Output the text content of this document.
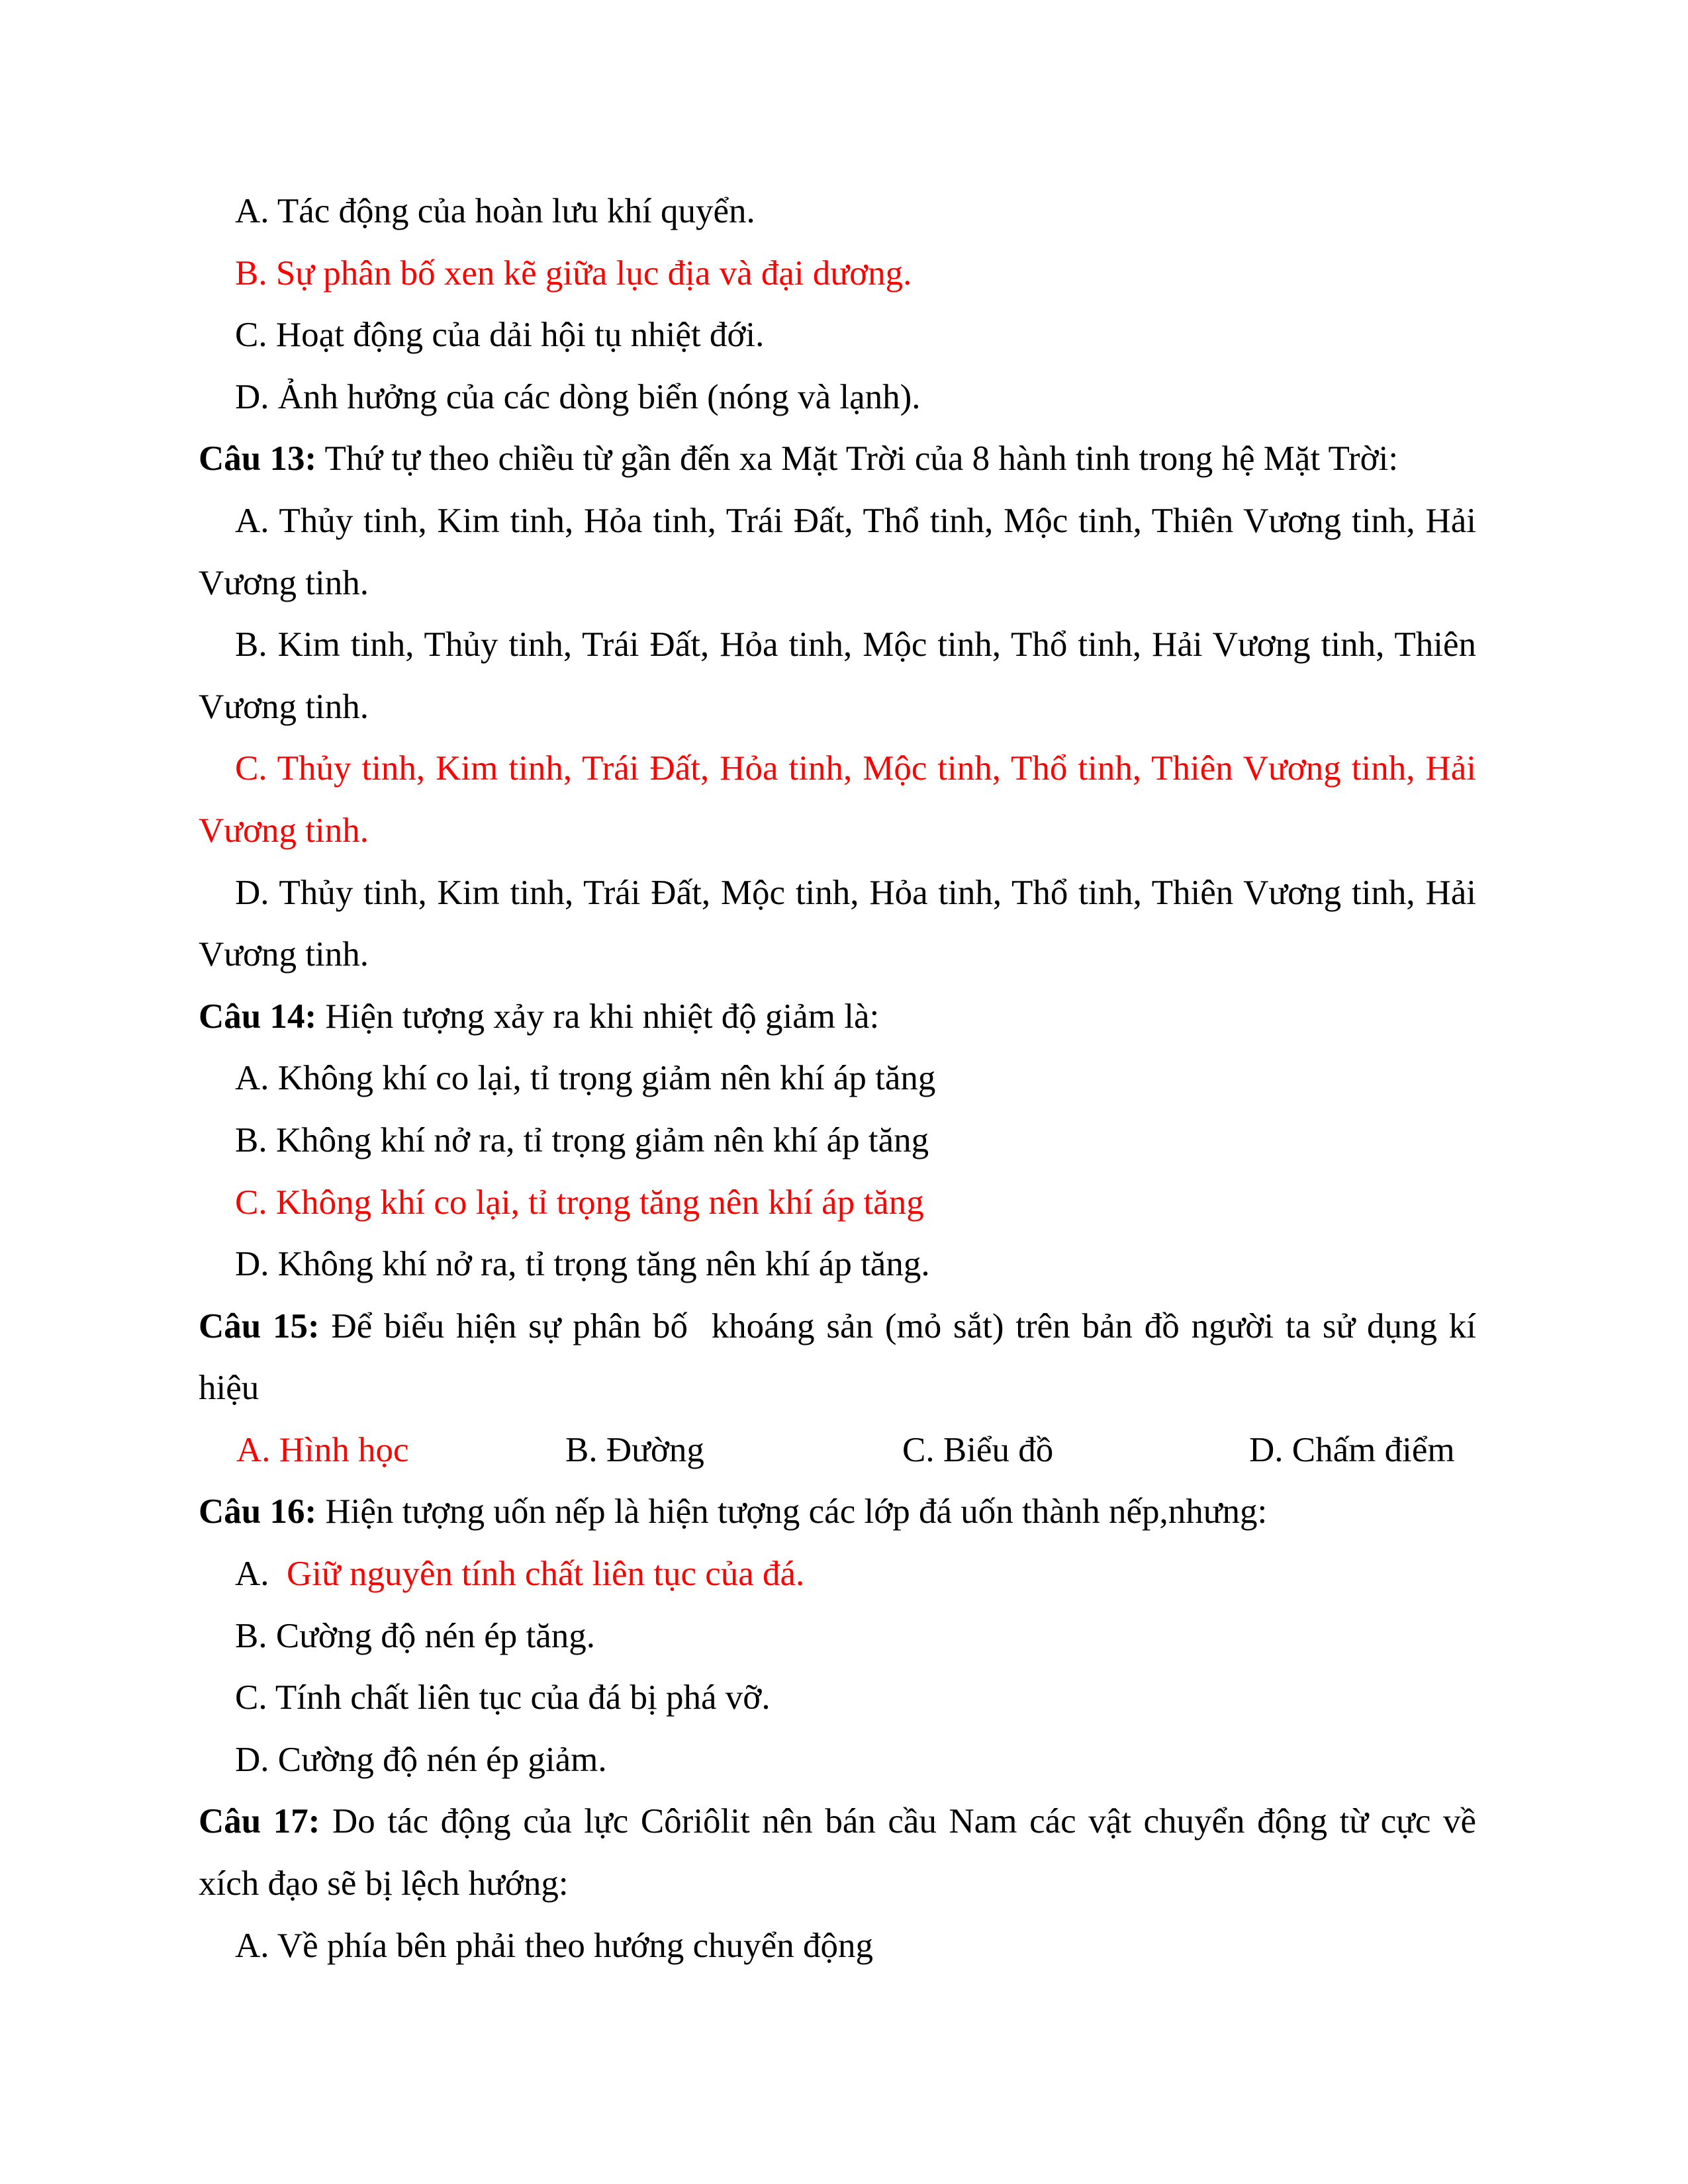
A. Tác động của hoàn lưu khí quyển.
B. Sự phân bố xen kẽ giữa lục địa và đại dương.
C. Hoạt động của dải hội tụ nhiệt đới.
D. Ảnh hưởng của các dòng biển (nóng và lạnh).
Câu 13: Thứ tự theo chiều từ gần đến xa Mặt Trời của 8 hành tinh trong hệ Mặt Trời:
A. Thủy tinh, Kim tinh, Hỏa tinh, Trái Đất, Thổ tinh, Mộc tinh, Thiên Vương tinh, Hải
Vương tinh.
B. Kim tinh, Thủy tinh, Trái Đất, Hỏa tinh, Mộc tinh, Thổ tinh, Hải Vương tinh, Thiên
Vương tinh.
C. Thủy tinh, Kim tinh, Trái Đất, Hỏa tinh, Mộc tinh, Thổ tinh, Thiên Vương tinh, Hải
Vương tinh.
D. Thủy tinh, Kim tinh, Trái Đất, Mộc tinh, Hỏa tinh, Thổ tinh, Thiên Vương tinh, Hải
Vương tinh.
Câu 14: Hiện tượng xảy ra khi nhiệt độ giảm là:
A. Không khí co lại, tỉ trọng giảm nên khí áp tăng
B. Không khí nở ra, tỉ trọng giảm nên khí áp tăng
C. Không khí co lại, tỉ trọng tăng nên khí áp tăng
D. Không khí nở ra, tỉ trọng tăng nên khí áp tăng.
Câu 15: Để biểu hiện sự phân bố  khoáng sản (mỏ sắt) trên bản đồ người ta sử dụng kí
hiệu
A. Hình học	B. Đường	C. Biểu đồ	D. Chấm điểm
Câu 16: Hiện tượng uốn nếp là hiện tượng các lớp đá uốn thành nếp,nhưng:
A.  Giữ nguyên tính chất liên tục của đá.
B. Cường độ nén ép tăng.
C. Tính chất liên tục của đá bị phá vỡ.
D. Cường độ nén ép giảm.
Câu 17: Do tác động của lực Côriôlit nên bán cầu Nam các vật chuyển động từ cực về
xích đạo sẽ bị lệch hướng:
A. Về phía bên phải theo hướng chuyển động
